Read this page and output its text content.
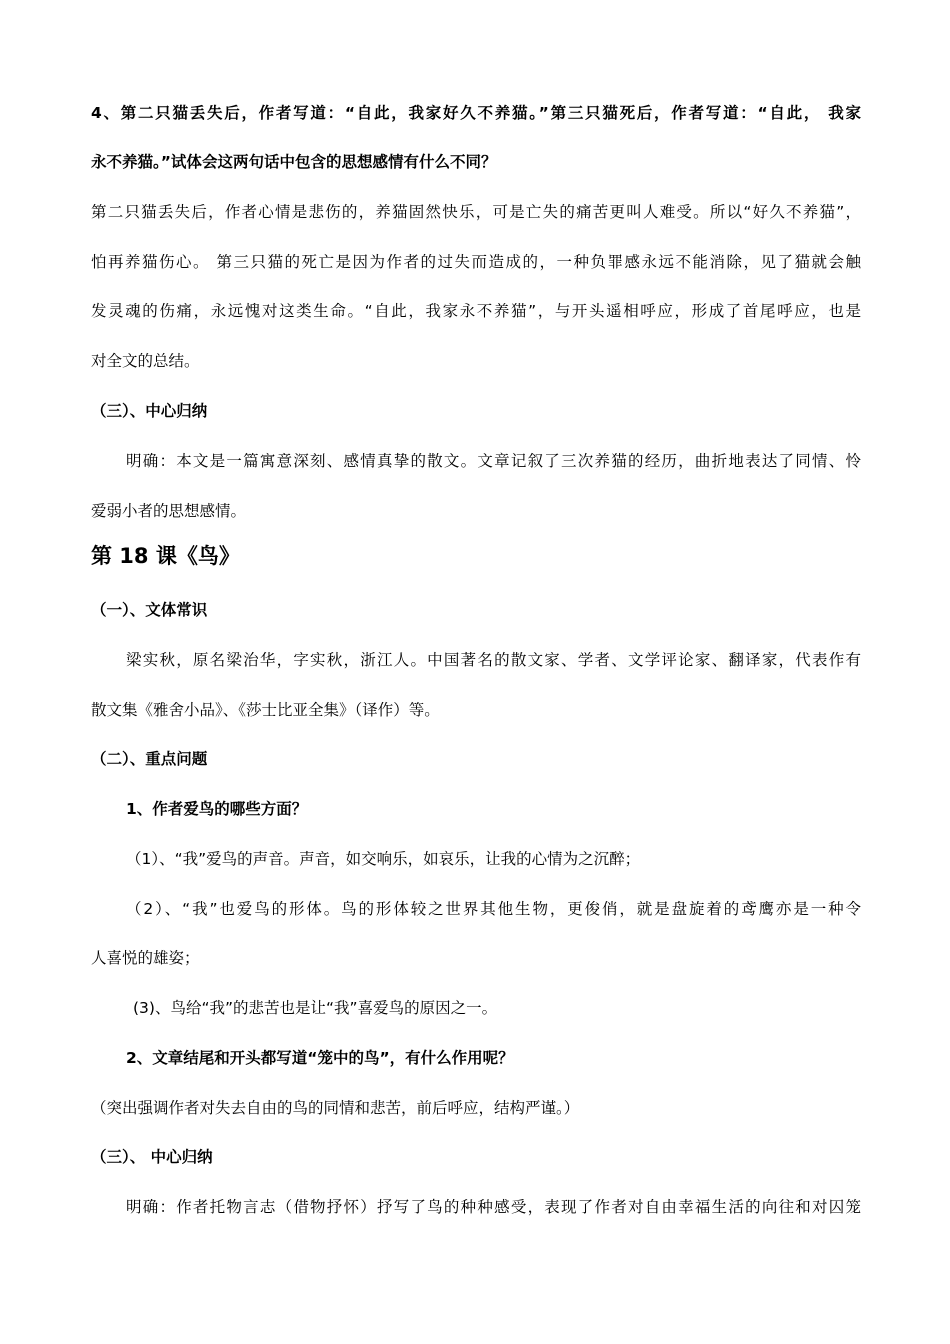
4、第二只猫丢失后，作者写道：“自此，我家好久不养猫。”第三只猫死后，作者写道：“自此， 我家

永不养猫。”试体会这两句话中包含的思想感情有什么不同？

第二只猫丢失后，作者心情是悲伤的，养猫固然快乐，可是亡失的痛苦更叫人难受。所以“好久不养猫”，

怕再养猫伤心。 第三只猫的死亡是因为作者的过失而造成的，一种负罪感永远不能消除，见了猫就会触

发灵魂的伤痛，永远愧对这类生命。“自此，我家永不养猫”，与开头遥相呼应，形成了首尾呼应，也是

对全文的总结。

（三）、中心归纳

明确：本文是一篇寓意深刻、感情真挚的散文。文章记叙了三次养猫的经历，曲折地表达了同情、怜

爱弱小者的思想感情。

第 18 课《鸟》

（一）、文体常识

梁实秋，原名梁治华，字实秋，浙江人。中国著名的散文家、学者、文学评论家、翻译家，代表作有

散文集《雅舍小品》、《莎士比亚全集》（译作）等。

（二）、重点问题

1、作者爱鸟的哪些方面？

（1）、“我”爱鸟的声音。声音，如交响乐，如哀乐，让我的心情为之沉醉；

（2）、“我”也爱鸟的形体。鸟的形体较之世界其他生物，更俊俏，就是盘旋着的鸢鹰亦是一种令

人喜悦的雄姿；

(3)、鸟给“我”的悲苦也是让“我”喜爱鸟的原因之一。

2、文章结尾和开头都写道“笼中的鸟”，有什么作用呢？

（突出强调作者对失去自由的鸟的同情和悲苦，前后呼应，结构严谨。）

（三）、 中心归纳

明确：作者托物言志（借物抒怀）抒写了鸟的种种感受，表现了作者对自由幸福生活的向往和对囚笼
